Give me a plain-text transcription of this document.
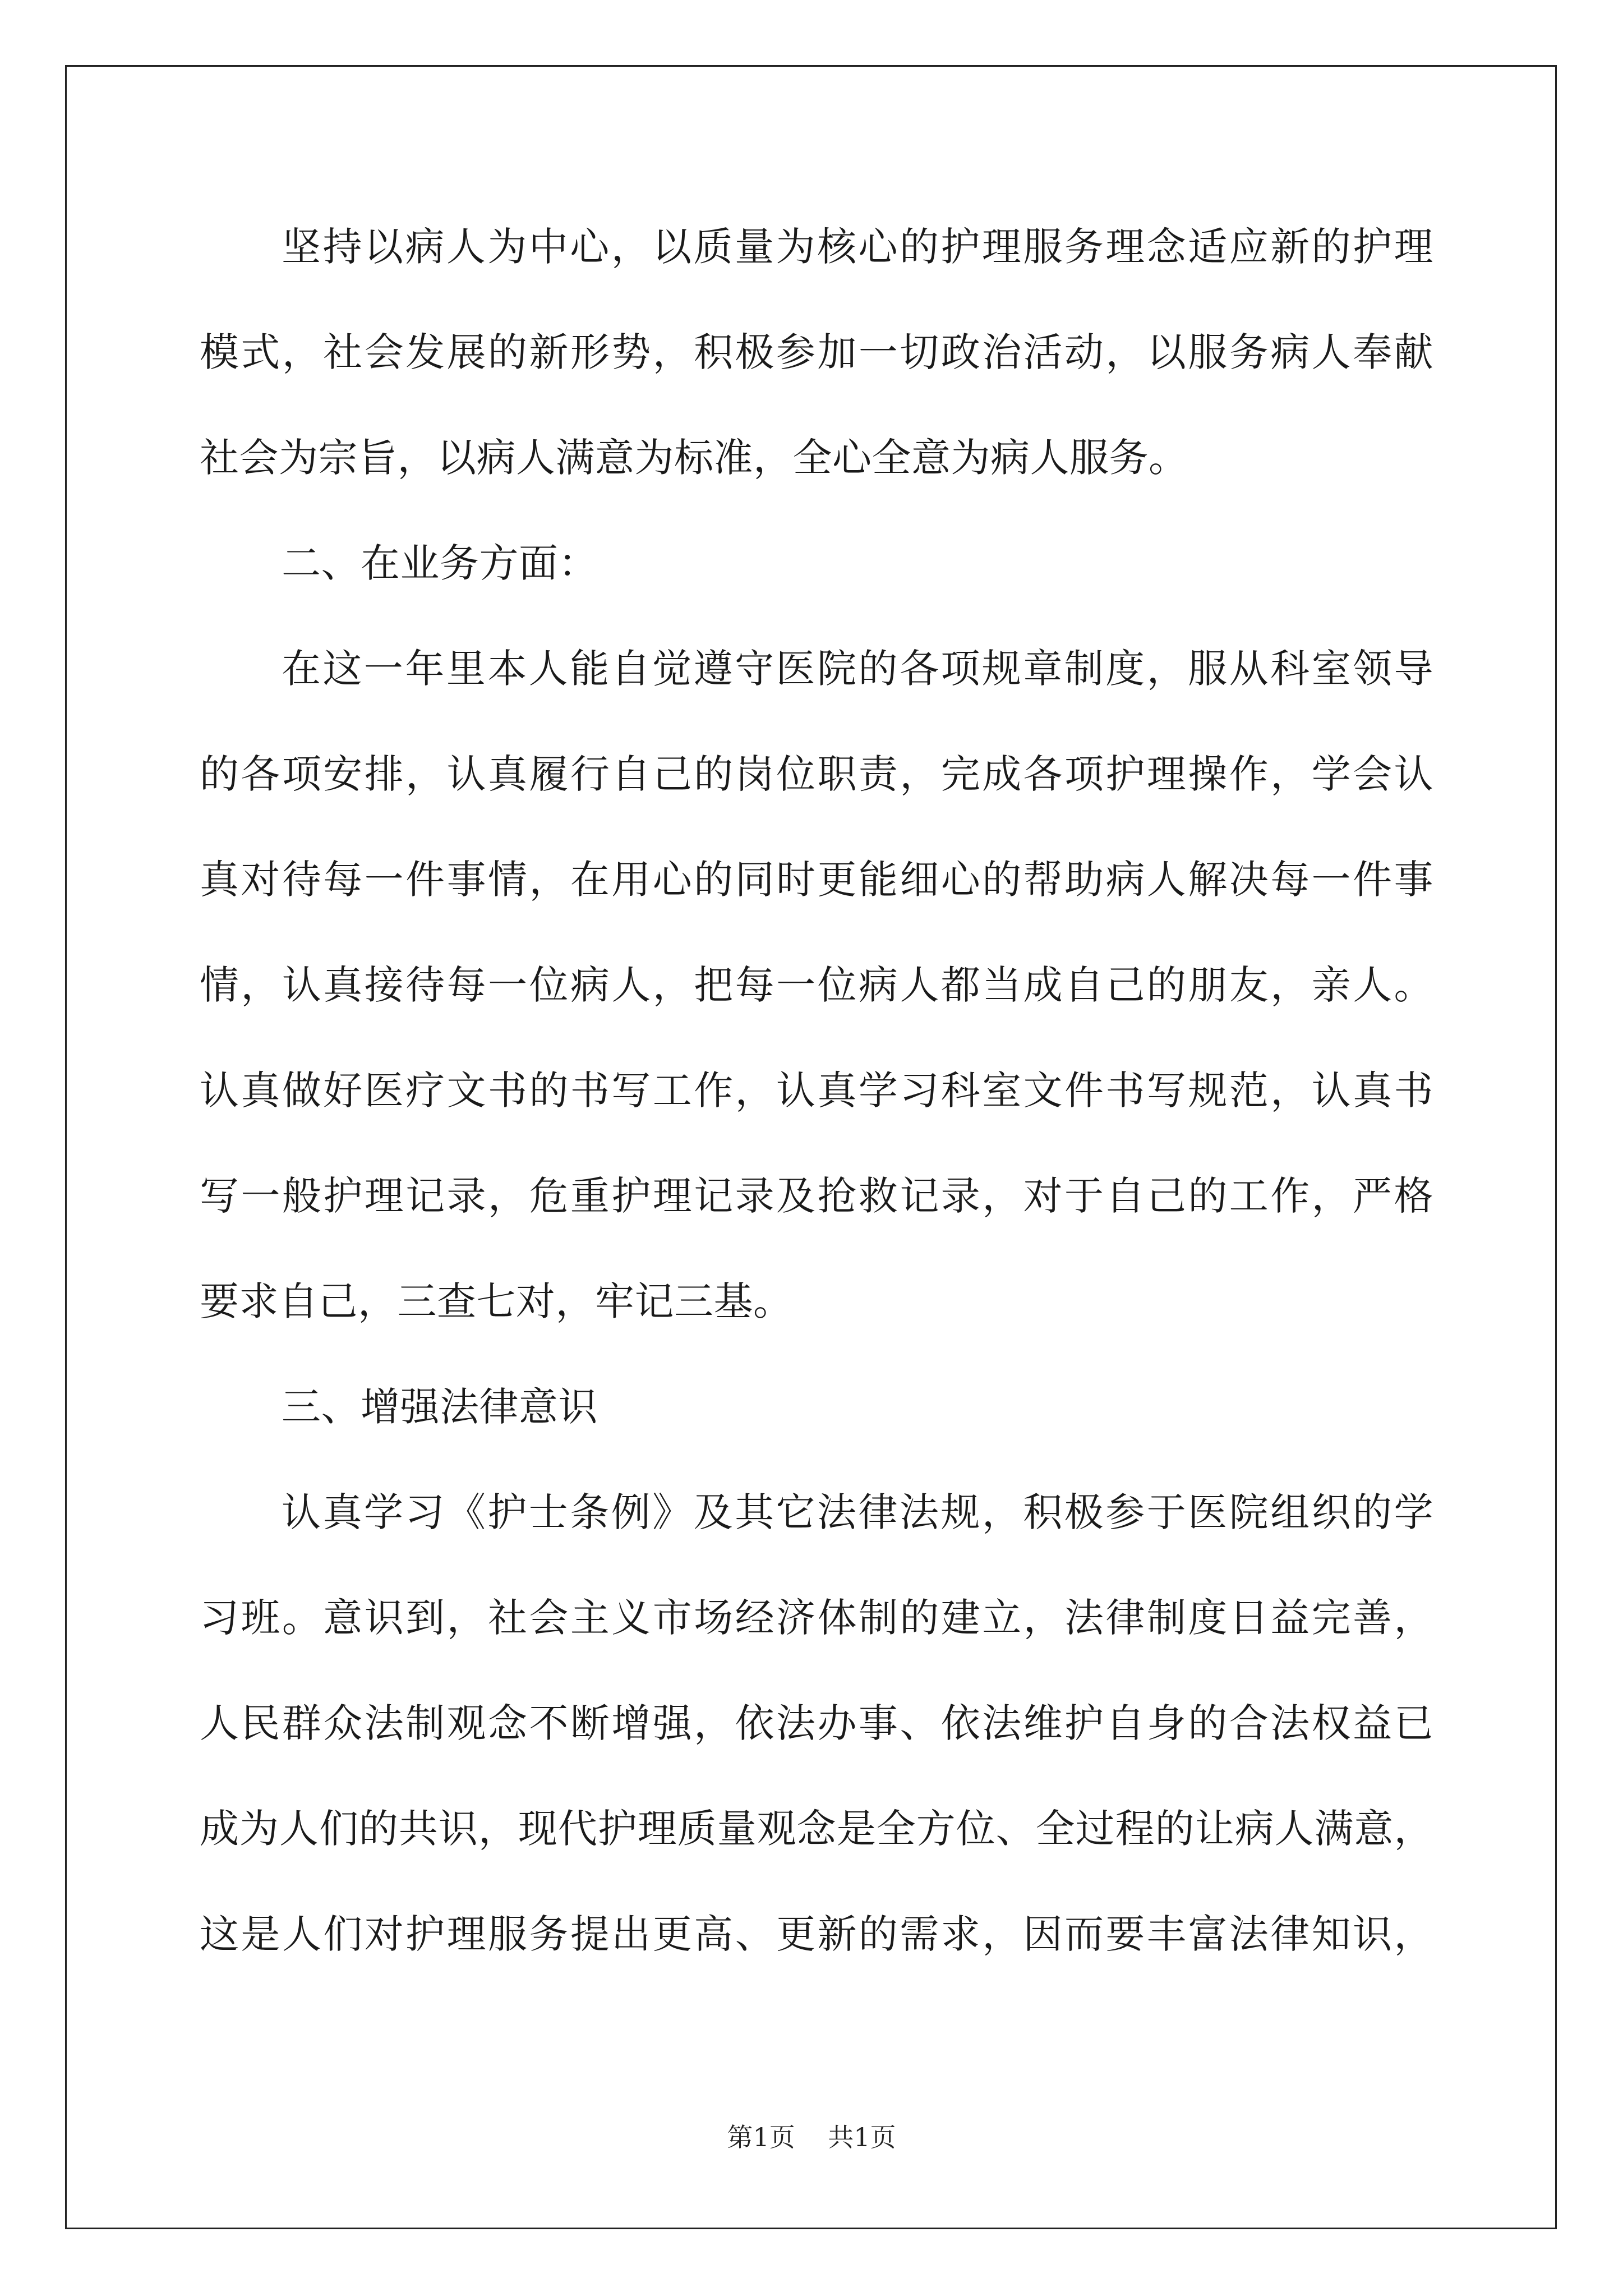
坚持以病人为中心，以质量为核心的护理服务理念适应新的护理
模式，社会发展的新形势，积极参加一切政治活动，以服务病人奉献
社会为宗旨，以病人满意为标准，全心全意为病人服务。
二、在业务方面：
在这一年里本人能自觉遵守医院的各项规章制度，服从科室领导
的各项安排，认真履行自己的岗位职责，完成各项护理操作，学会认
真对待每一件事情，在用心的同时更能细心的帮助病人解决每一件事
情，认真接待每一位病人，把每一位病人都当成自己的朋友，亲人。
认真做好医疗文书的书写工作，认真学习科室文件书写规范，认真书
写一般护理记录，危重护理记录及抢救记录，对于自己的工作，严格
要求自己，三查七对，牢记三基。
三、增强法律意识
认真学习《护士条例》及其它法律法规，积极参于医院组织的学
习班。意识到，社会主义市场经济体制的建立，法律制度日益完善，
人民群众法制观念不断增强，依法办事、依法维护自身的合法权益已
成为人们的共识，现代护理质量观念是全方位、全过程的让病人满意，
这是人们对护理服务提出更高、更新的需求，因而要丰富法律知识，
第1页 共1页
